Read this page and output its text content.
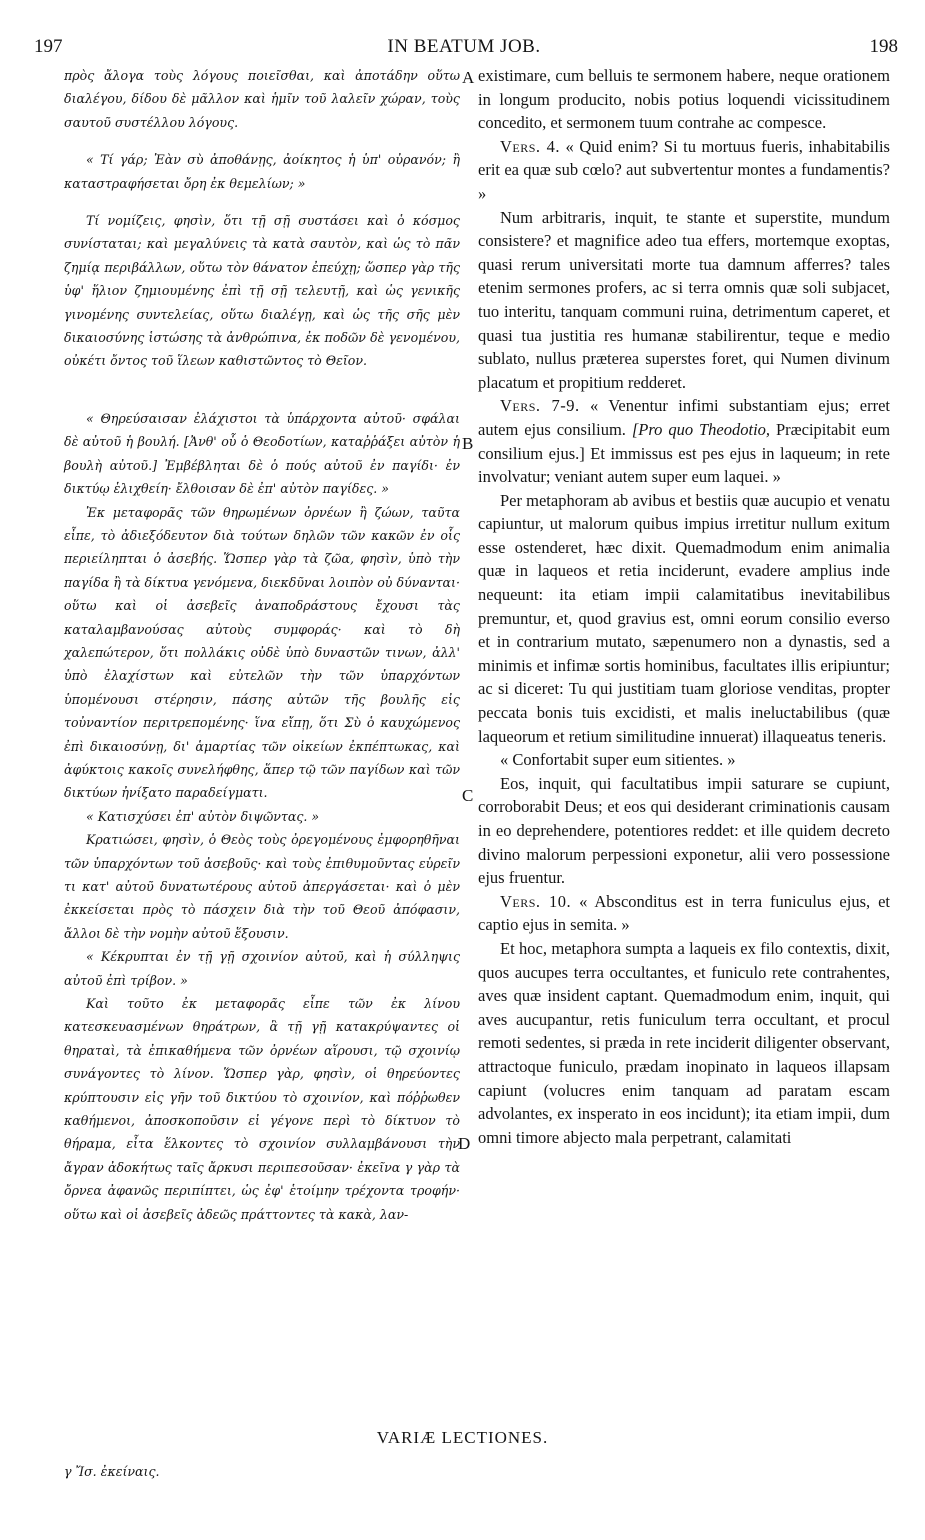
197	IN BEATUM JOB.	198

πρὸς ἄλογα τοὺς λόγους ποιεῖσθαι, καὶ ἀποτάδην οὕτω διαλέγου, δίδου δὲ μᾶλλον καὶ ἡμῖν τοῦ λαλεῖν χώραν, τοὺς σαυτοῦ συστέλλου λόγους.

« Τί γάρ; Ἐὰν σὺ ἀποθάνῃς, ἀοίκητος ἡ ὑπ' οὐρανόν; ἢ καταστραφήσεται ὄρη ἐκ θεμελίων; »

Τί νομίζεις, φησὶν, ὅτι τῇ σῇ συστάσει καὶ ὁ κόσμος συνίσταται; καὶ μεγαλύνεις τὰ κατὰ σαυτὸν, καὶ ὡς τὸ πᾶν ζημίᾳ περιβάλλων, οὕτω τὸν θάνατον ἐπεύχῃ; ὥσπερ γὰρ τῆς ὑφ' ἥλιον ζημιουμένης ἐπὶ τῇ σῇ τελευτῇ, καὶ ὡς γενικῆς γινομένης συντελείας, οὕτω διαλέγῃ, καὶ ὡς τῆς σῆς μὲν δικαιοσύνης ἱστώσης τὰ ἀνθρώπινα, ἐκ ποδῶν δὲ γενομένου, οὐκέτι ὄντος τοῦ ἵλεων καθιστῶντος τὸ Θεῖον.

« Θηρεύσαισαν ἐλάχιστοι τὰ ὑπάρχοντα αὐτοῦ· σφάλαι δὲ αὐτοῦ ἡ βουλή. [Ἀνθ' οὗ ὁ Θεοδοτίων, καταῤῥάξει αὐτὸν ἡ βουλὴ αὐτοῦ.] Ἐμβέβληται δὲ ὁ πούς αὐτοῦ ἐν παγίδι· ἐν δικτύῳ ἑλιχθείη· ἔλθοισαν δὲ ἐπ' αὐτὸν παγίδες. »

Ἐκ μεταφορᾶς τῶν θηρωμένων ὀρνέων ἢ ζώων, ταῦτα εἶπε, τὸ ἀδιεξόδευτον διὰ τούτων δηλῶν τῶν κακῶν ἐν οἷς περιείληπται ὁ ἀσεβής. Ὥσπερ γὰρ τὰ ζῶα, φησὶν, ὑπὸ τὴν παγίδα ἢ τὰ δίκτυα γενόμενα, διεκδῦναι λοιπὸν οὐ δύνανται· οὕτω καὶ οἱ ἀσεβεῖς ἀναποδράστους ἔχουσι τὰς καταλαμβανούσας αὐτοὺς συμφοράς· καὶ τὸ δὴ χαλεπώτερον, ὅτι πολλάκις οὐδὲ ὑπὸ δυναστῶν τινων, ἀλλ' ὑπὸ ἐλαχίστων καὶ εὐτελῶν τὴν τῶν ὑπαρχόντων ὑπομένουσι στέρησιν, πάσης αὐτῶν τῆς βουλῆς εἰς τοὐναντίον περιτρεπομένης· ἵνα εἴπῃ, ὅτι Σὺ ὁ καυχώμενος ἐπὶ δικαιοσύνῃ, δι' ἁμαρτίας τῶν οἰκείων ἐκπέπτωκας, καὶ ἀφύκτοις κακοῖς συνελήφθης, ἅπερ τῷ τῶν παγίδων καὶ τῶν δικτύων ἠνίξατο παραδείγματι.

« Κατισχύσει ἐπ' αὐτὸν διψῶντας. »

Κρατιώσει, φησὶν, ὁ Θεὸς τοὺς ὀρεγομένους ἐμφορηθῆναι τῶν ὑπαρχόντων τοῦ ἀσεβοῦς· καὶ τοὺς ἐπιθυμοῦντας εὑρεῖν τι κατ' αὐτοῦ δυνατωτέρους αὐτοῦ ἀπεργάσεται· καὶ ὁ μὲν ἐκκείσεται πρὸς τὸ πάσχειν διὰ τὴν τοῦ Θεοῦ ἀπόφασιν, ἄλλοι δὲ τὴν νομὴν αὐτοῦ ἕξουσιν.

« Κέκρυπται ἐν τῇ γῇ σχοινίον αὐτοῦ, καὶ ἡ σύλληψις αὐτοῦ ἐπὶ τρίβον. »

Καὶ τοῦτο ἐκ μεταφορᾶς εἶπε τῶν ἐκ λίνου κατεσκευασμένων θηράτρων, ἃ τῇ γῇ κατακρύψαντες οἱ θηραταὶ, τὰ ἐπικαθήμενα τῶν ὀρνέων αἵρουσι, τῷ σχοινίῳ συνάγοντες τὸ λίνον. Ὥσπερ γὰρ, φησὶν, οἱ θηρεύοντες κρύπτουσιν εἰς γῆν τοῦ δικτύου τὸ σχοινίον, καὶ πόῤῥωθεν καθήμενοι, ἀποσκοποῦσιν εἰ γέγονε περὶ τὸ δίκτυον τὸ θήραμα, εἶτα ἕλκοντες τὸ σχοινίον συλλαμβάνουσι τὴν ἄγραν ἀδοκήτως ταῖς ἄρκυσι περιπεσοῦσαν· ἐκεῖνα γ γὰρ τὰ ὄρνεα ἀφανῶς περιπίπτει, ὡς ἐφ' ἑτοίμην τρέχοντα τροφήν· οὕτω καὶ οἱ ἀσεβεῖς ἀδεῶς πράττοντες τὰ κακὰ, λαν-

A
B
C
D

existimare, cum belluis te sermonem habere, neque orationem in longum producito, nobis potius loquendi vicissitudinem concedito, et sermonem tuum contrahe ac compesce.

Vers. 4. « Quid enim? Si tu mortuus fueris, inhabitabilis erit ea quæ sub cœlo? aut subvertentur montes a fundamentis? »

Num arbitraris, inquit, te stante et superstite, mundum consistere? et magnifice adeo tua effers, mortemque exoptas, quasi rerum universitati morte tua damnum afferres? tales etenim sermones profers, ac si terra omnis quæ soli subjacet, tuo interitu, tanquam communi ruina, detrimentum caperet, et quasi tua justitia res humanæ stabilirentur, teque e medio sublato, nullus præterea superstes foret, qui Numen divinum placatum et propitium redderet.

Vers. 7-9. « Venentur infimi substantiam ejus; erret autem ejus consilium. [Pro quo Theodotio, Præcipitabit eum consilium ejus.] Et immissus est pes ejus in laqueum; in rete involvatur; veniant autem super eum laquei. »

Per metaphoram ab avibus et bestiis quæ aucupio et venatu capiuntur, ut malorum quibus impius irretitur nullum exitum esse ostenderet, hæc dixit. Quemadmodum enim animalia quæ in laqueos et retia inciderunt, evadere amplius inde nequeunt: ita etiam impii calamitatibus inevitabilibus premuntur, et, quod gravius est, omni eorum consilio everso et in contrarium mutato, sæpenumero non a dynastis, sed a minimis et infimæ sortis hominibus, facultates illis eripiuntur; ac si diceret: Tu qui justitiam tuam gloriose venditas, propter peccata bonis tuis excidisti, et malis ineluctabilibus (quæ laqueorum et retium similitudine innuerat) illaqueatus teneris.

« Confortabit super eum sitientes. »

Eos, inquit, qui facultatibus impii saturare se cupiunt, corroborabit Deus; et eos qui desiderant criminationis causam in eo deprehendere, potentiores reddet: et ille quidem decreto divino malorum perpessioni exponetur, alii vero possessione ejus fruentur.

Vers. 10. « Absconditus est in terra funiculus ejus, et captio ejus in semita. »

Et hoc, metaphora sumpta a laqueis ex filo contextis, dixit, quos aucupes terra occultantes, et funiculo rete contrahentes, aves quæ insident captant. Quemadmodum enim, inquit, qui aves aucupantur, retis funiculum terra occultant, et procul remoti sedentes, si præda in rete inciderit diligenter observant, attractoque funiculo, prædam inopinato in laqueos illapsam capiunt (volucres enim tanquam ad paratam escam advolantes, ex insperato in eos incidunt); ita etiam impii, dum omni timore abjecto mala perpetrant, calamitati

VARIÆ LECTIONES.
γ Ἴσ. ἐκείναις.
